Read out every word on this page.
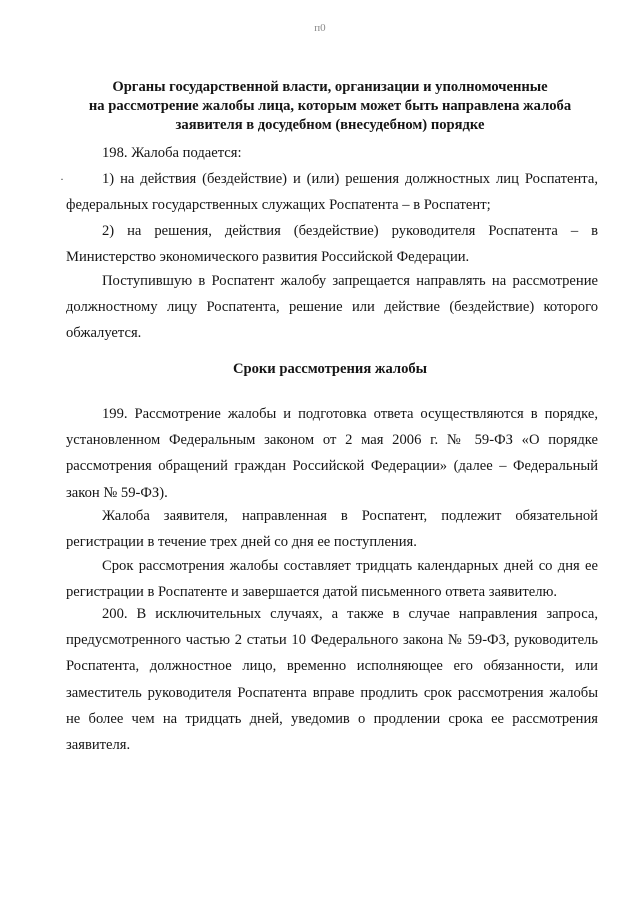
п0
Органы государственной власти, организации и уполномоченные
на рассмотрение жалобы лица, которым может быть направлена жалоба
заявителя в досудебном (внесудебном) порядке

198. Жалоба подается:

·	1) на действия (бездействие) и (или) решения должностных лиц Роспатента,
федеральных государственных служащих Роспатента – в Роспатент;

2) на решения, действия (бездействие) руководителя Роспатента – в
Министерство экономического развития Российской Федерации.

Поступившую в Роспатент жалобу запрещается направлять на рассмотрение
должностному лицу Роспатента, решение или действие (бездействие) которого
обжалуется.

Сроки рассмотрения жалобы

199. Рассмотрение жалобы и подготовка ответа осуществляются в порядке,
установленном Федеральным законом от 2 мая 2006 г. № 59-ФЗ «О порядке
рассмотрения обращений граждан Российской Федерации» (далее – Федеральный
закон № 59-ФЗ).

Жалоба заявителя, направленная в Роспатент, подлежит обязательной
регистрации в течение трех дней со дня ее поступления.

Срок рассмотрения жалобы составляет тридцать календарных дней со дня ее
регистрации в Роспатенте и завершается датой письменного ответа заявителю.

200. В исключительных случаях, а также в случае направления запроса,
предусмотренного частью 2 статьи 10 Федерального закона № 59-ФЗ, руководитель
Роспатента, должностное лицо, временно исполняющее его обязанности, или
заместитель руководителя Роспатента вправе продлить срок рассмотрения жалобы
не более чем на тридцать дней, уведомив о продлении срока ее рассмотрения
заявителя.
